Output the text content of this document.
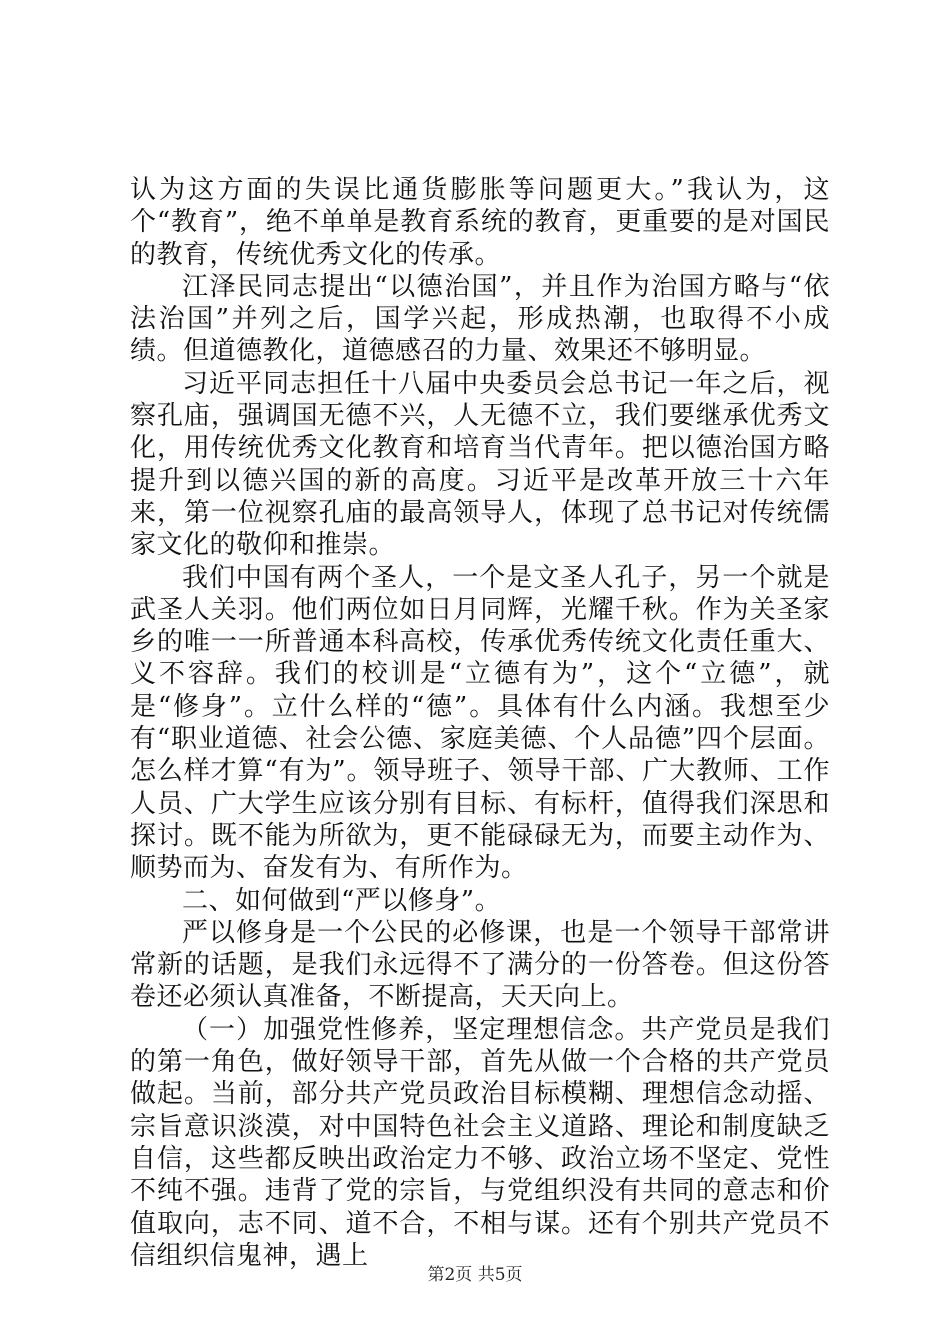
认为这方面的失误比通货膨胀等问题更大。”我认为，这个“教育”，绝不单单是教育系统的教育，更重要的是对国民的教育，传统优秀文化的传承。

江泽民同志提出“以德治国”，并且作为治国方略与“依法治国”并列之后，国学兴起，形成热潮，也取得不小成绩。但道德教化，道德感召的力量、效果还不够明显。

习近平同志担任十八届中央委员会总书记一年之后，视察孔庙，强调国无德不兴，人无德不立，我们要继承优秀文化，用传统优秀文化教育和培育当代青年。把以德治国方略提升到以德兴国的新的高度。习近平是改革开放三十六年来，第一位视察孔庙的最高领导人，体现了总书记对传统儒家文化的敬仰和推崇。

我们中国有两个圣人，一个是文圣人孔子，另一个就是武圣人关羽。他们两位如日月同辉，光耀千秋。作为关圣家乡的唯一一所普通本科高校，传承优秀传统文化责任重大、义不容辞。我们的校训是“立德有为”，这个“立德”，就是“修身”。立什么样的“德”。具体有什么内涵。我想至少有“职业道德、社会公德、家庭美德、个人品德”四个层面。怎么样才算“有为”。领导班子、领导干部、广大教师、工作人员、广大学生应该分别有目标、有标杆，值得我们深思和探讨。既不能为所欲为，更不能碌碌无为，而要主动作为、顺势而为、奋发有为、有所作为。

二、如何做到“严以修身”。

严以修身是一个公民的必修课，也是一个领导干部常讲常新的话题，是我们永远得不了满分的一份答卷。但这份答卷还必须认真准备，不断提高，天天向上。

（一）加强党性修养，坚定理想信念。共产党员是我们的第一角色，做好领导干部，首先从做一个合格的共产党员做起。当前，部分共产党员政治目标模糊、理想信念动摇、宗旨意识淡漠，对中国特色社会主义道路、理论和制度缺乏自信，这些都反映出政治定力不够、政治立场不坚定、党性不纯不强。违背了党的宗旨，与党组织没有共同的意志和价值取向，志不同、道不合，不相与谋。还有个别共产党员不信组织信鬼神，遇上

第2页 共5页
